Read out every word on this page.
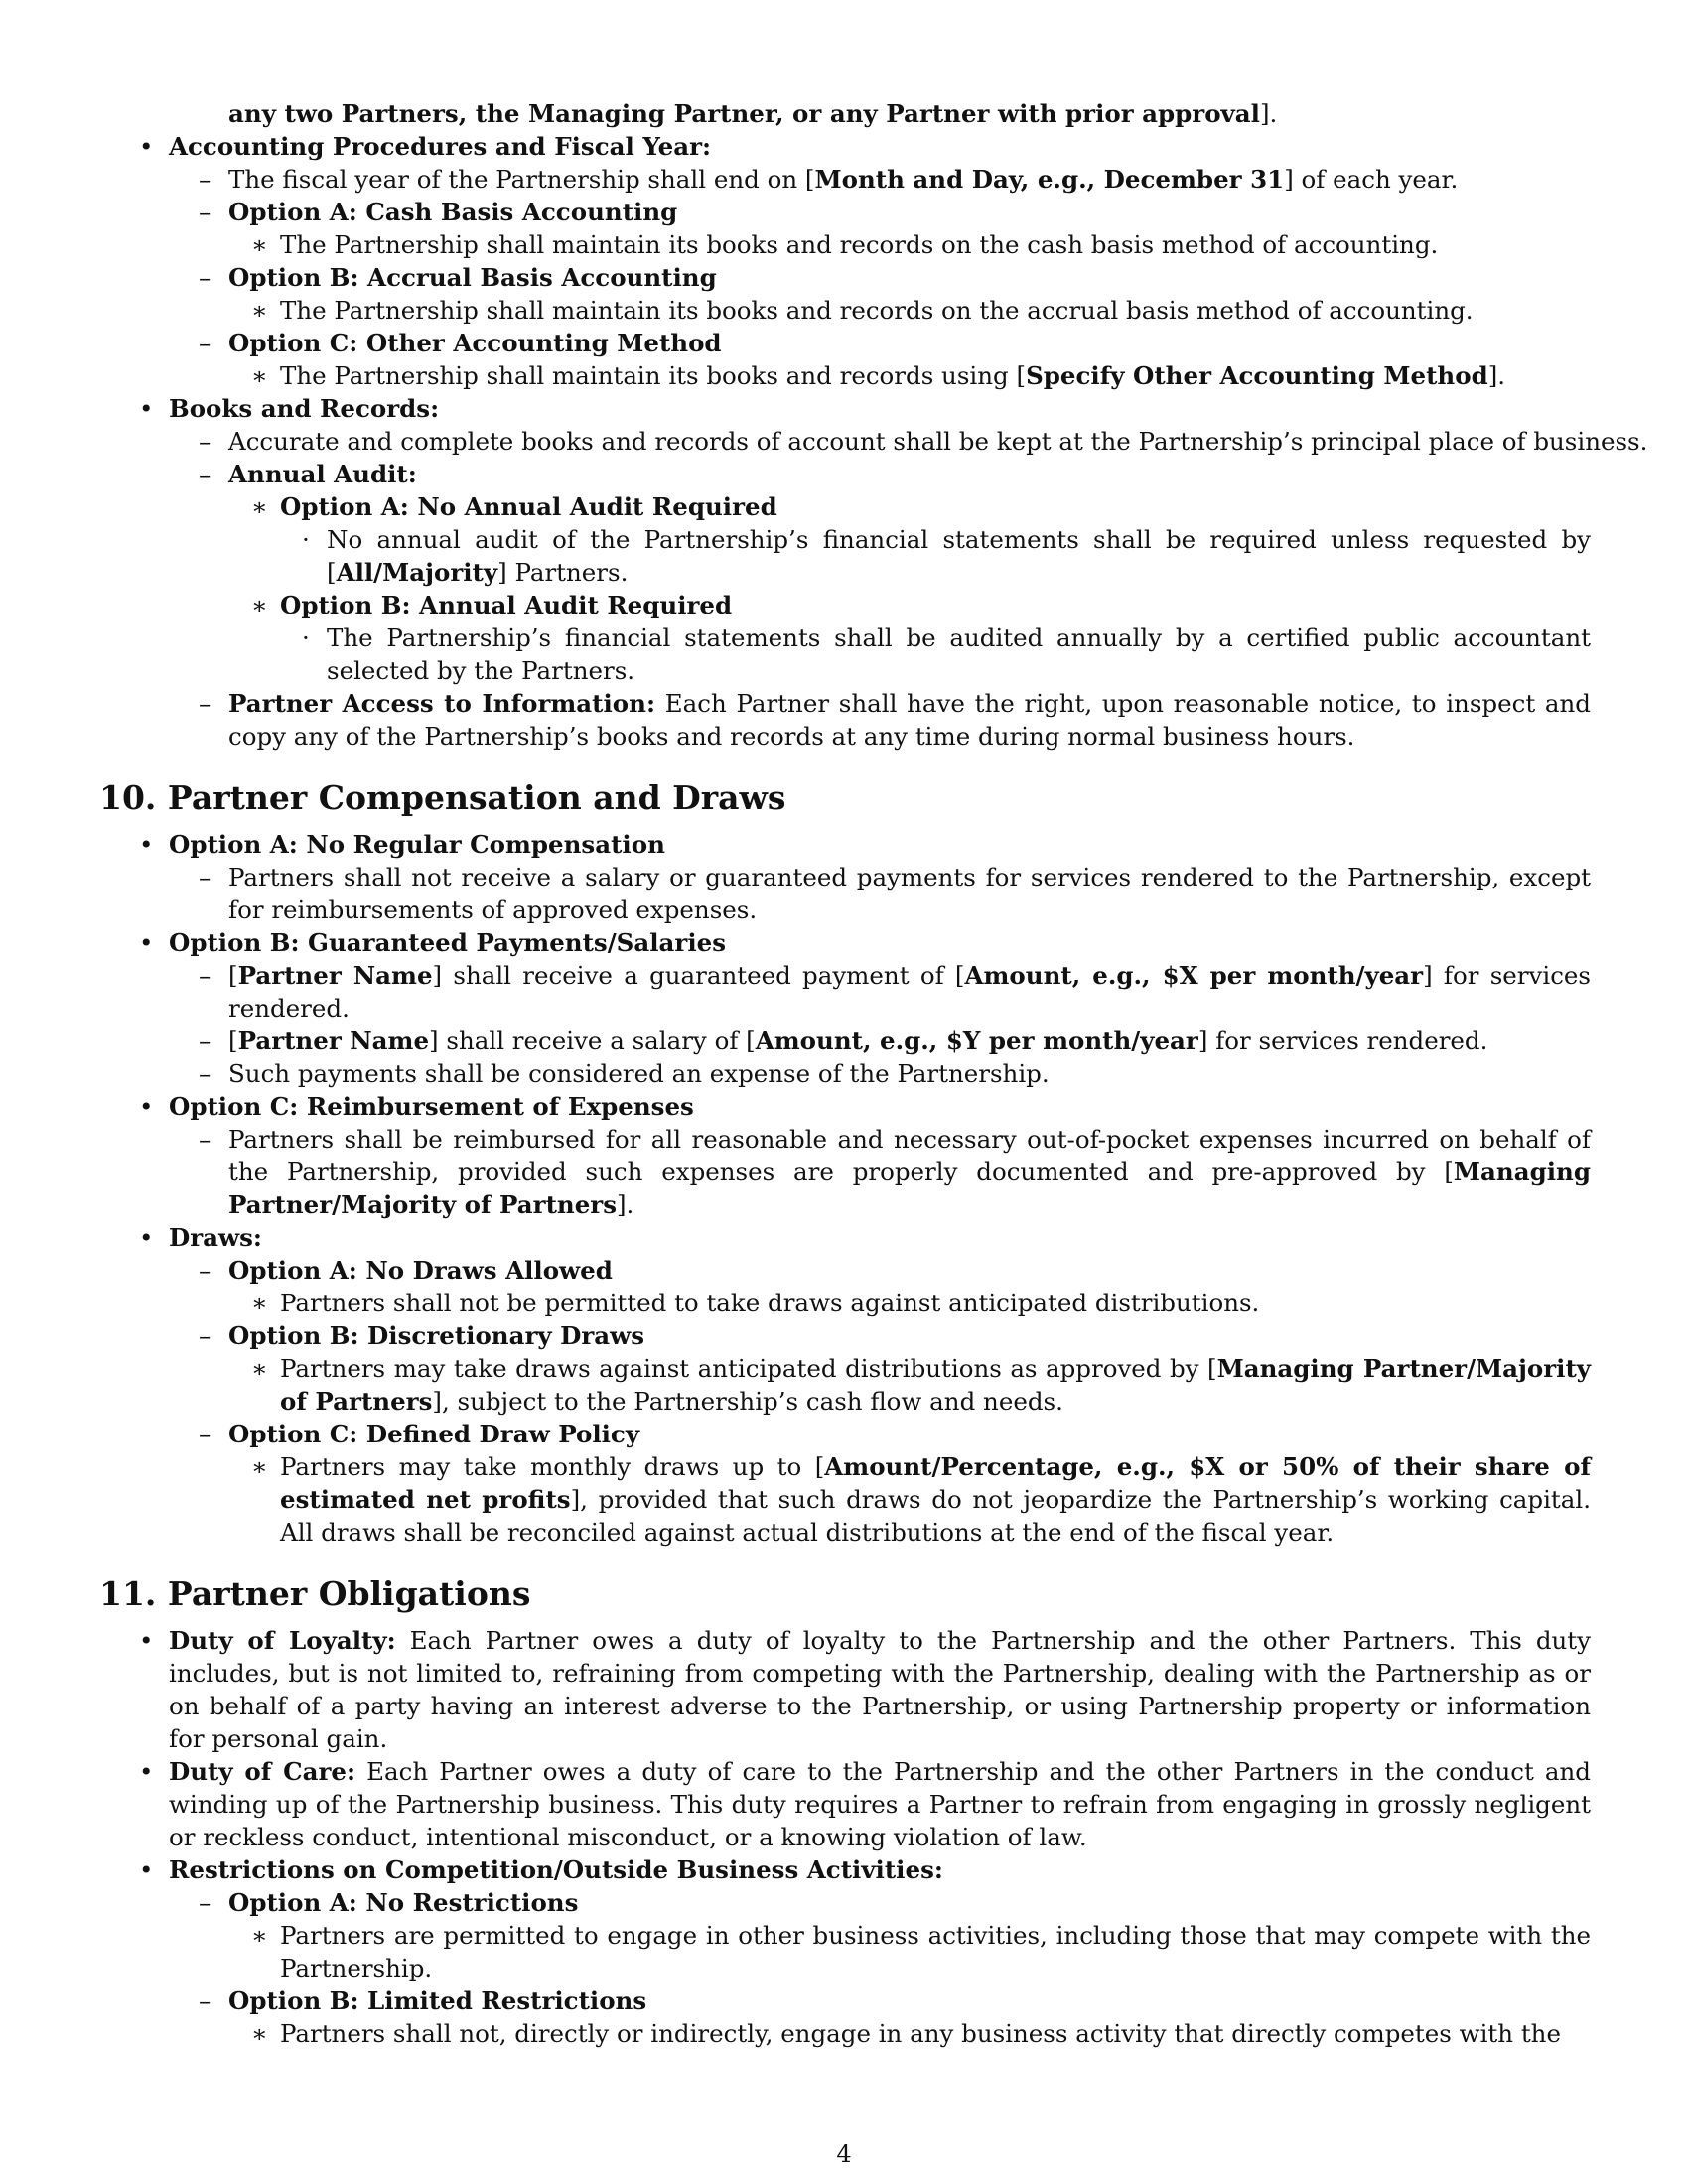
any two Partners, the Managing Partner, or any Partner with prior approval].
• Accounting Procedures and Fiscal Year:
– The fiscal year of the Partnership shall end on [Month and Day, e.g., December 31] of each year.
– Option A: Cash Basis Accounting
∗ The Partnership shall maintain its books and records on the cash basis method of accounting.
– Option B: Accrual Basis Accounting
∗ The Partnership shall maintain its books and records on the accrual basis method of accounting.
– Option C: Other Accounting Method
∗ The Partnership shall maintain its books and records using [Specify Other Accounting Method].
• Books and Records:
– Accurate and complete books and records of account shall be kept at the Partnership’s principal place of business.
– Annual Audit:
∗ Option A: No Annual Audit Required
· No annual audit of the Partnership’s financial statements shall be required unless requested by [All/Majority] Partners.
∗ Option B: Annual Audit Required
· The Partnership’s financial statements shall be audited annually by a certified public accountant selected by the Partners.
– Partner Access to Information: Each Partner shall have the right, upon reasonable notice, to inspect and copy any of the Partnership’s books and records at any time during normal business hours.
10. Partner Compensation and Draws
• Option A: No Regular Compensation
– Partners shall not receive a salary or guaranteed payments for services rendered to the Partnership, except for reimbursements of approved expenses.
• Option B: Guaranteed Payments/Salaries
– [Partner Name] shall receive a guaranteed payment of [Amount, e.g., $X per month/year] for services rendered.
– [Partner Name] shall receive a salary of [Amount, e.g., $Y per month/year] for services rendered.
– Such payments shall be considered an expense of the Partnership.
• Option C: Reimbursement of Expenses
– Partners shall be reimbursed for all reasonable and necessary out-of-pocket expenses incurred on behalf of the Partnership, provided such expenses are properly documented and pre-approved by [Managing Partner/Majority of Partners].
• Draws:
– Option A: No Draws Allowed
∗ Partners shall not be permitted to take draws against anticipated distributions.
– Option B: Discretionary Draws
∗ Partners may take draws against anticipated distributions as approved by [Managing Partner/Majority of Partners], subject to the Partnership’s cash flow and needs.
– Option C: Defined Draw Policy
∗ Partners may take monthly draws up to [Amount/Percentage, e.g., $X or 50% of their share of estimated net profits], provided that such draws do not jeopardize the Partnership’s working capital. All draws shall be reconciled against actual distributions at the end of the fiscal year.
11. Partner Obligations
• Duty of Loyalty: Each Partner owes a duty of loyalty to the Partnership and the other Partners. This duty includes, but is not limited to, refraining from competing with the Partnership, dealing with the Partnership as or on behalf of a party having an interest adverse to the Partnership, or using Partnership property or information for personal gain.
• Duty of Care: Each Partner owes a duty of care to the Partnership and the other Partners in the conduct and winding up of the Partnership business. This duty requires a Partner to refrain from engaging in grossly negligent or reckless conduct, intentional misconduct, or a knowing violation of law.
• Restrictions on Competition/Outside Business Activities:
– Option A: No Restrictions
∗ Partners are permitted to engage in other business activities, including those that may compete with the Partnership.
– Option B: Limited Restrictions
∗ Partners shall not, directly or indirectly, engage in any business activity that directly competes with the
4
